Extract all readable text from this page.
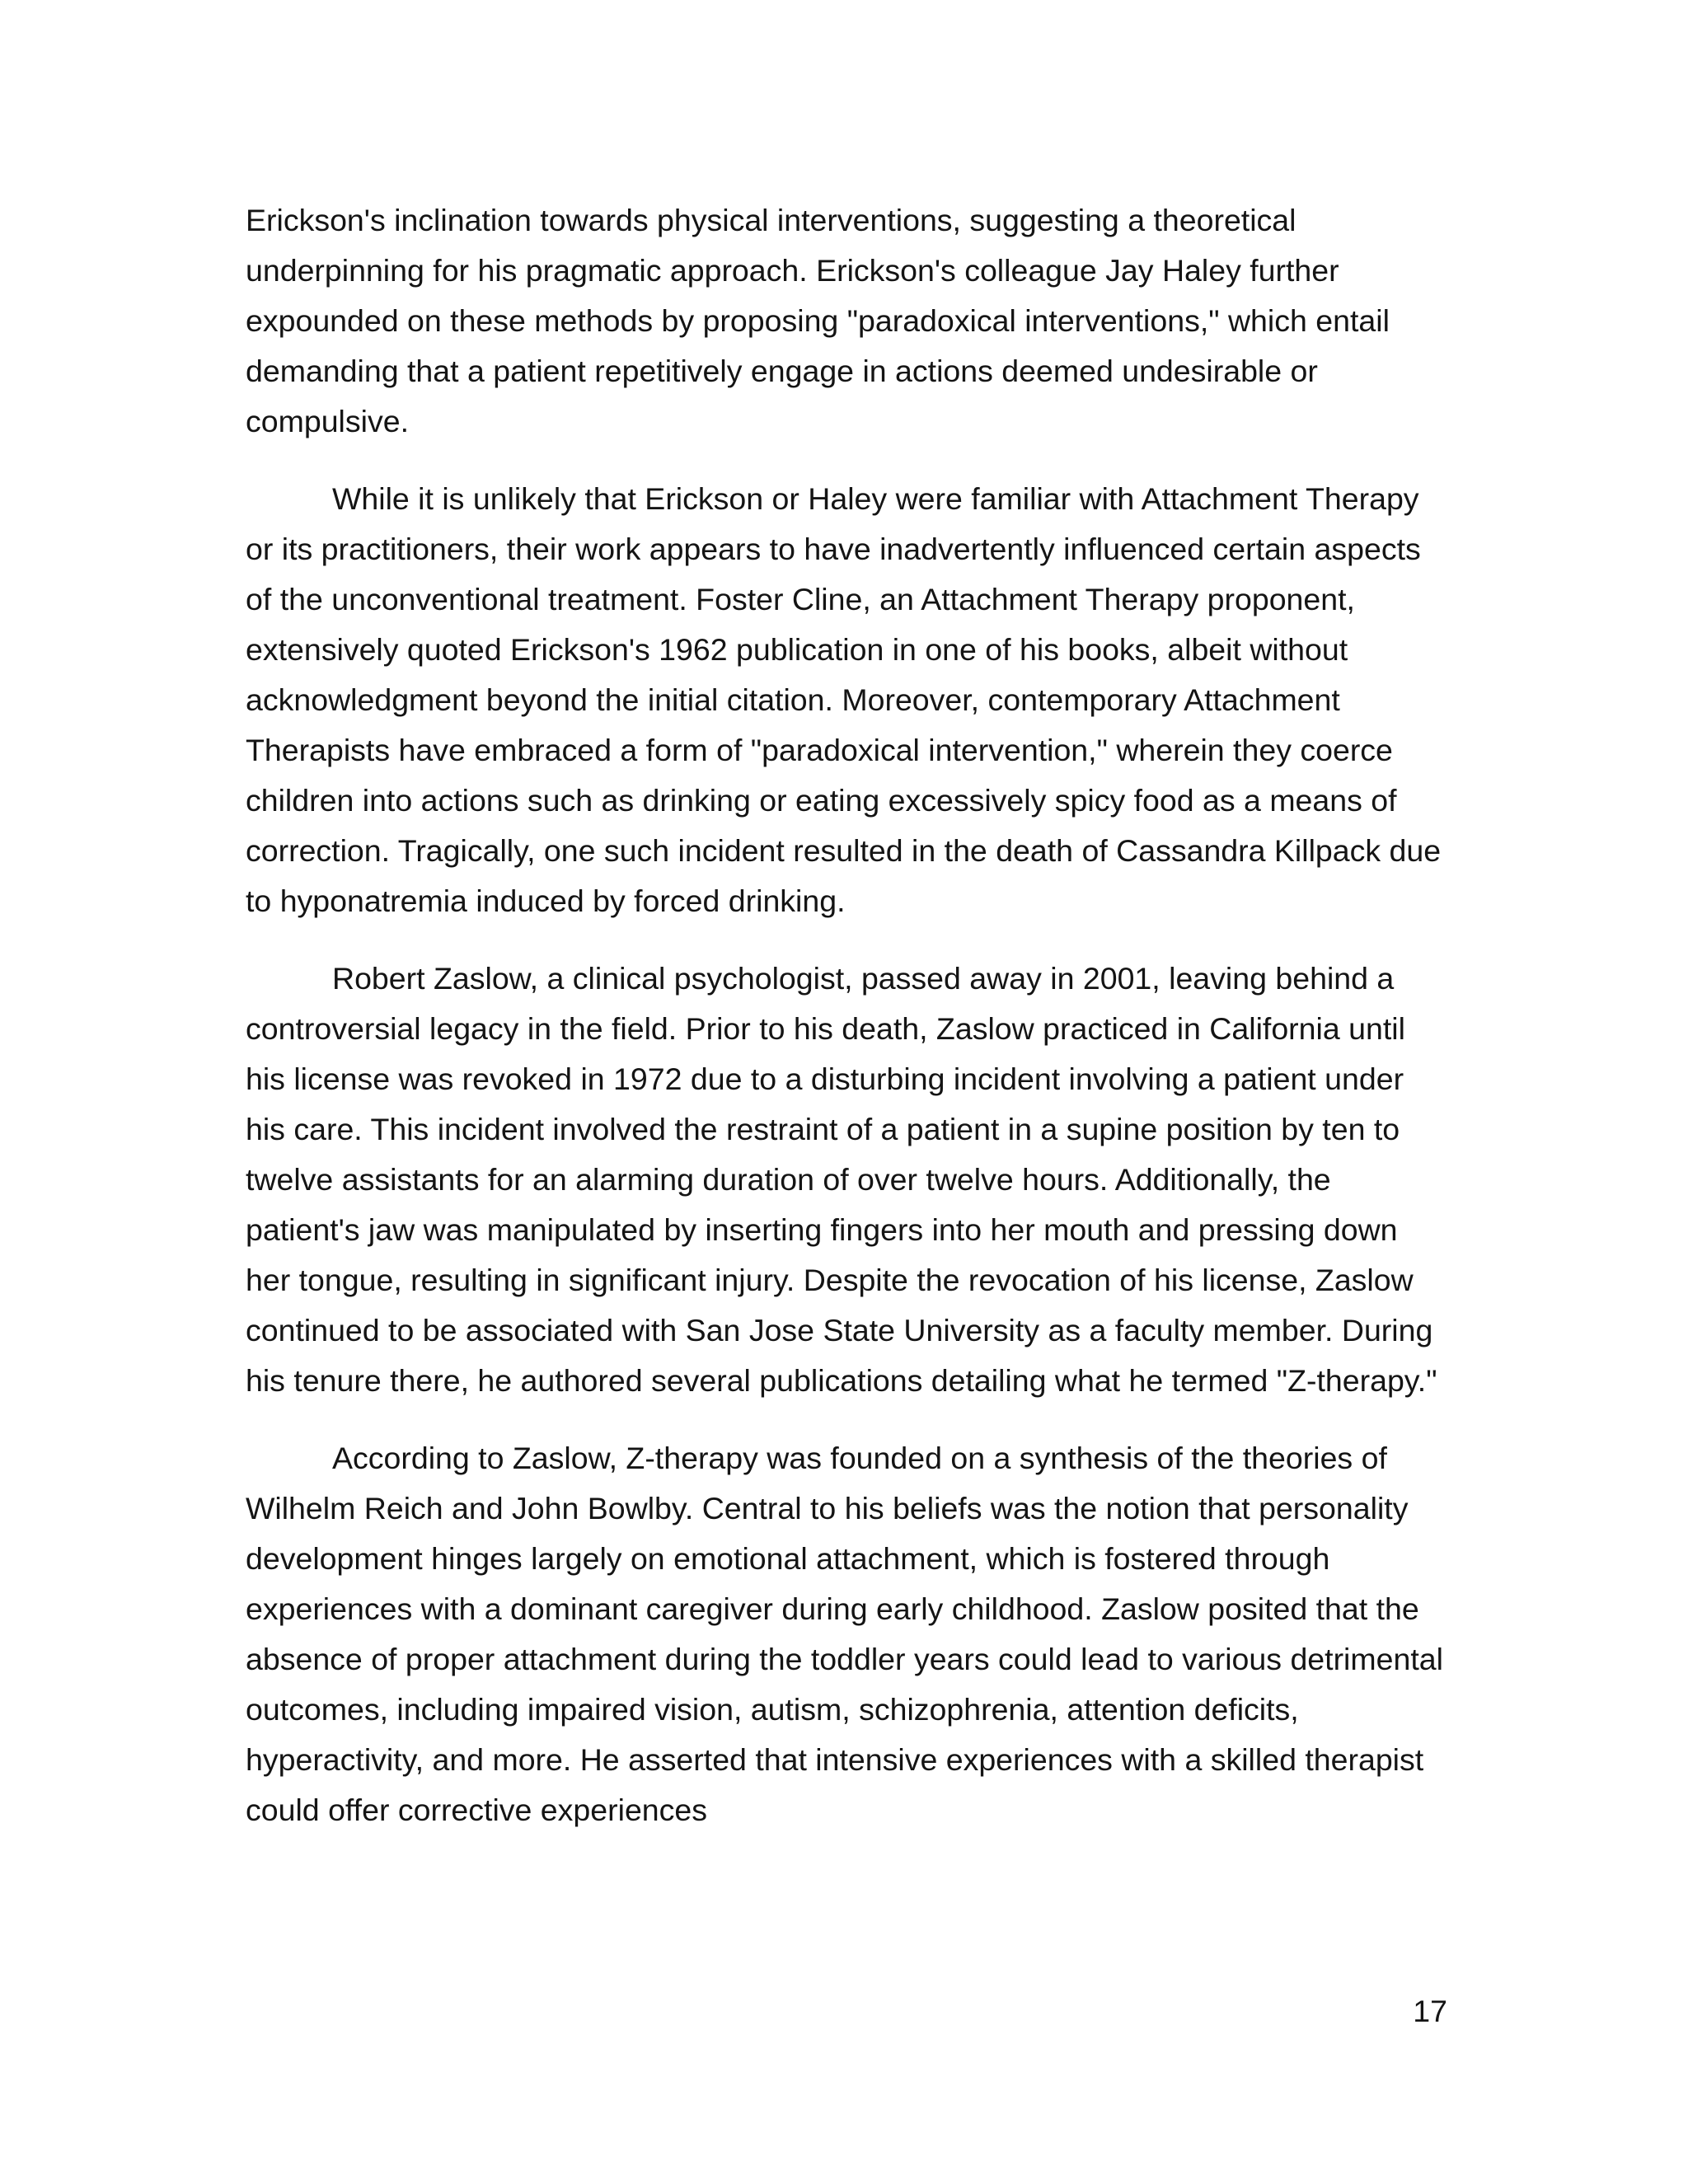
Erickson's inclination towards physical interventions, suggesting a theoretical underpinning for his pragmatic approach. Erickson's colleague Jay Haley further expounded on these methods by proposing "paradoxical interventions," which entail demanding that a patient repetitively engage in actions deemed undesirable or compulsive.

While it is unlikely that Erickson or Haley were familiar with Attachment Therapy or its practitioners, their work appears to have inadvertently influenced certain aspects of the unconventional treatment. Foster Cline, an Attachment Therapy proponent, extensively quoted Erickson's 1962 publication in one of his books, albeit without acknowledgment beyond the initial citation. Moreover, contemporary Attachment Therapists have embraced a form of "paradoxical intervention," wherein they coerce children into actions such as drinking or eating excessively spicy food as a means of correction. Tragically, one such incident resulted in the death of Cassandra Killpack due to hyponatremia induced by forced drinking.

Robert Zaslow, a clinical psychologist, passed away in 2001, leaving behind a controversial legacy in the field. Prior to his death, Zaslow practiced in California until his license was revoked in 1972 due to a disturbing incident involving a patient under his care. This incident involved the restraint of a patient in a supine position by ten to twelve assistants for an alarming duration of over twelve hours. Additionally, the patient's jaw was manipulated by inserting fingers into her mouth and pressing down her tongue, resulting in significant injury. Despite the revocation of his license, Zaslow continued to be associated with San Jose State University as a faculty member. During his tenure there, he authored several publications detailing what he termed "Z-therapy."

According to Zaslow, Z-therapy was founded on a synthesis of the theories of Wilhelm Reich and John Bowlby. Central to his beliefs was the notion that personality development hinges largely on emotional attachment, which is fostered through experiences with a dominant caregiver during early childhood. Zaslow posited that the absence of proper attachment during the toddler years could lead to various detrimental outcomes, including impaired vision, autism, schizophrenia, attention deficits, hyperactivity, and more. He asserted that intensive experiences with a skilled therapist could offer corrective experiences

17
